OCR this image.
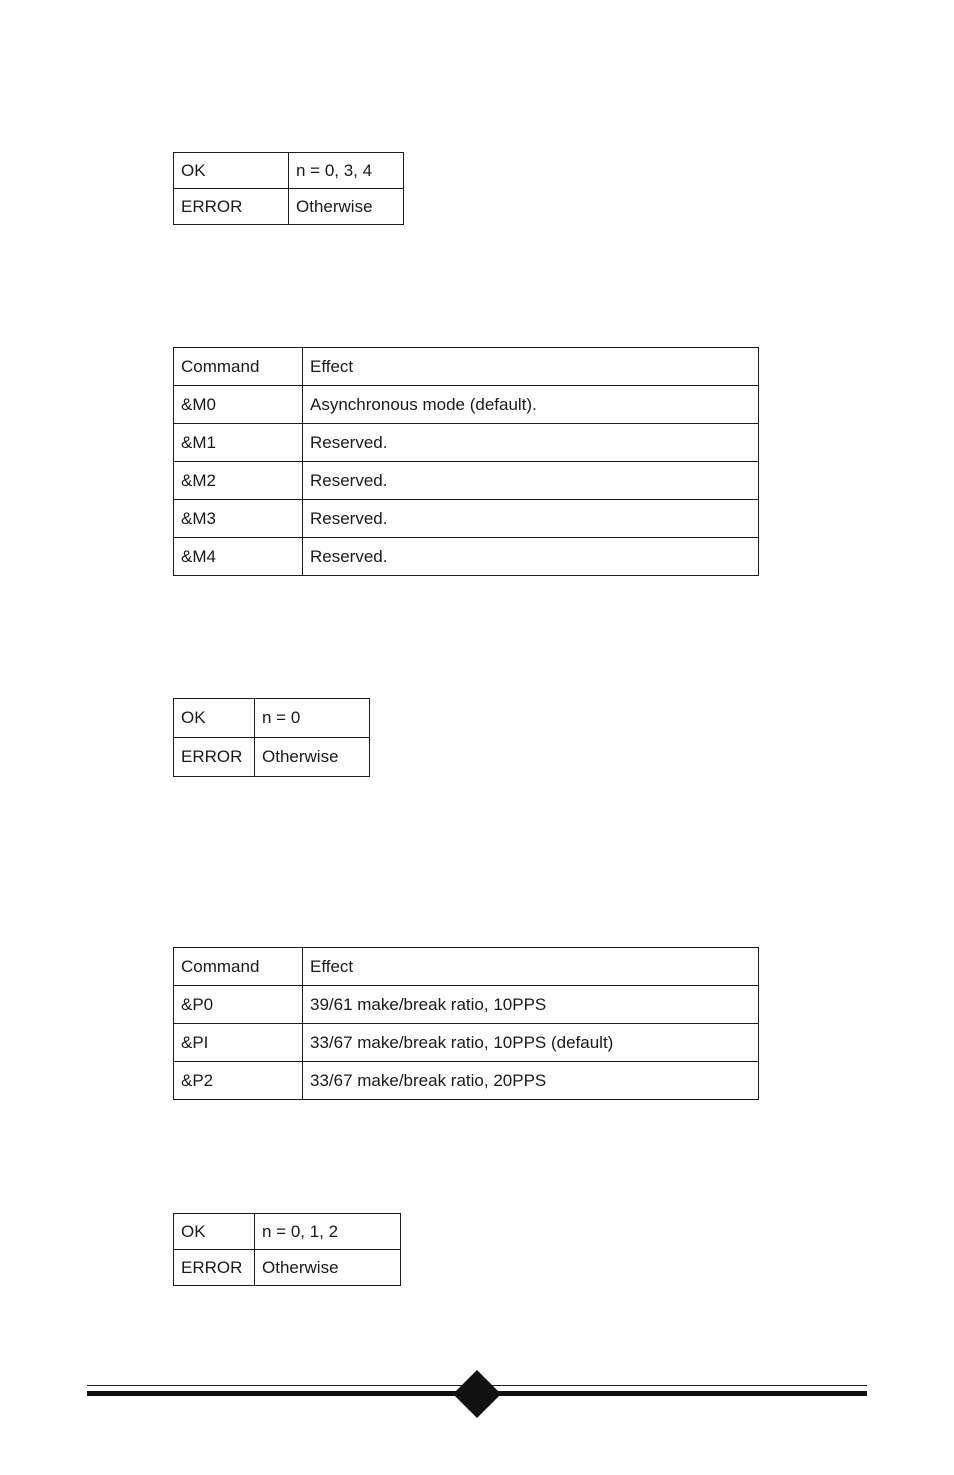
OK	n = 0, 3, 4
ERROR	Otherwise
Command	Effect
&M0	Asynchronous mode (default).
&M1	Reserved.
&M2	Reserved.
&M3	Reserved.
&M4	Reserved.
OK	n = 0
ERROR	Otherwise
Command	Effect
&P0	39/61 make/break ratio, 10PPS
&PI	33/67 make/break ratio, 10PPS (default)
&P2	33/67 make/break ratio, 20PPS
OK	n = 0, 1, 2
ERROR	Otherwise
